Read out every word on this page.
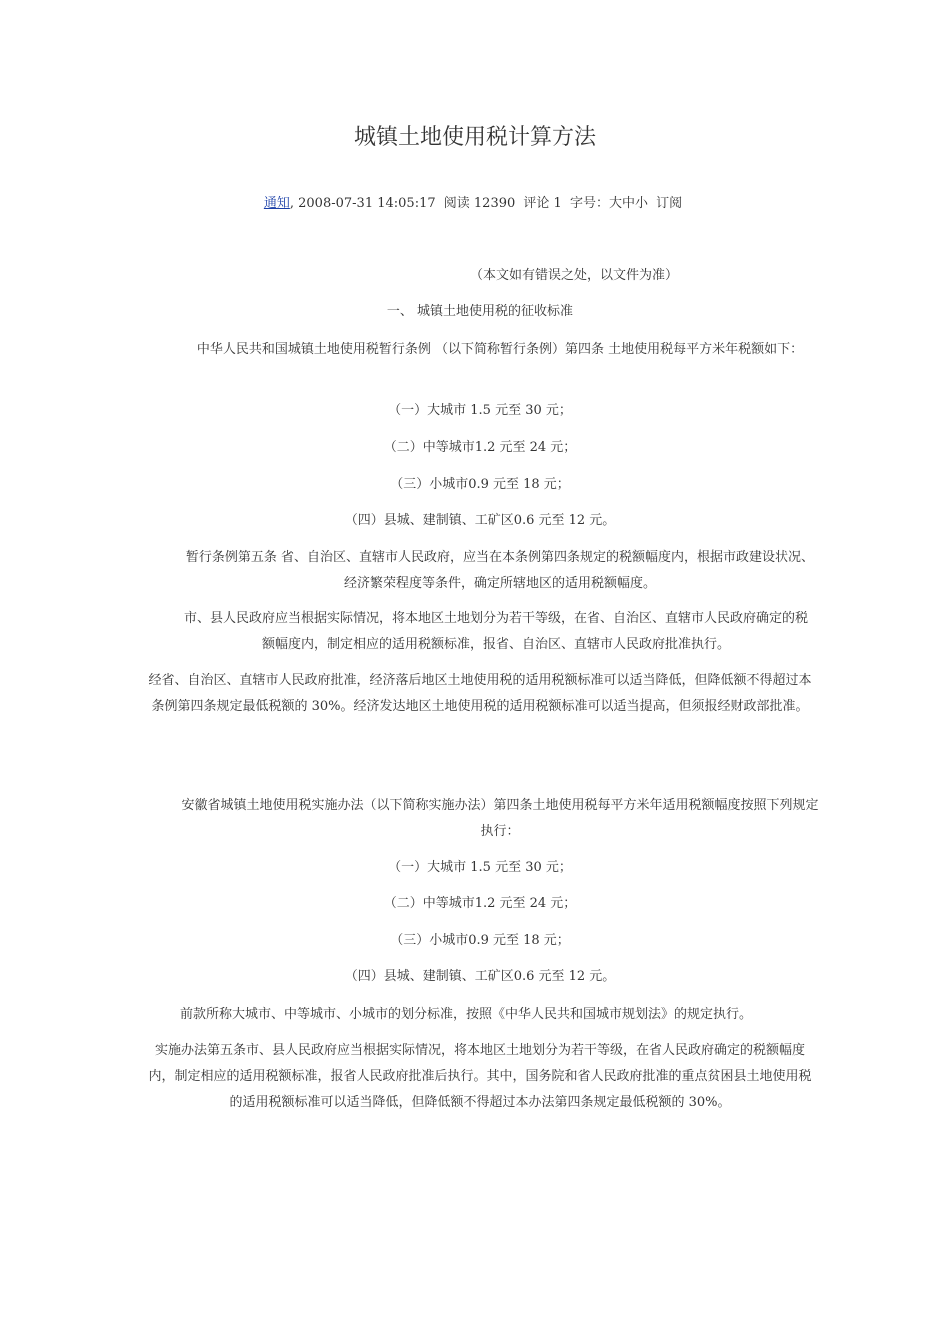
城镇土地使用税计算方法
通知, 2008-07-31 14:05:17 阅读 12390 评论 1 字号：大中小 订阅
（本文如有错误之处，以文件为准）
一、 城镇土地使用税的征收标准
中华人民共和国城镇土地使用税暂行条例 （以下简称暂行条例）第四条 土地使用税每平方米年税额如下：
（一）大城市 1.5 元至 30 元；
（二）中等城市1.2 元至 24 元；
（三）小城市0.9 元至 18 元；
（四）县城、建制镇、工矿区0.6 元至 12 元。
暂行条例第五条 省、自治区、直辖市人民政府，应当在本条例第四条规定的税额幅度内，根据市政建设状况、经济繁荣程度等条件，确定所辖地区的适用税额幅度。
市、县人民政府应当根据实际情况，将本地区土地划分为若干等级，在省、自治区、直辖市人民政府确定的税额幅度内，制定相应的适用税额标准，报省、自治区、直辖市人民政府批准执行。
经省、自治区、直辖市人民政府批准，经济落后地区土地使用税的适用税额标准可以适当降低，但降低额不得超过本条例第四条规定最低税额的 30%。经济发达地区土地使用税的适用税额标准可以适当提高，但须报经财政部批准。
安徽省城镇土地使用税实施办法（以下简称实施办法）第四条土地使用税每平方米年适用税额幅度按照下列规定执行：
（一）大城市 1.5 元至 30 元；
（二）中等城市1.2 元至 24 元；
（三）小城市0.9 元至 18 元；
（四）县城、建制镇、工矿区0.6 元至 12 元。
前款所称大城市、中等城市、小城市的划分标准，按照《中华人民共和国城市规划法》的规定执行。
实施办法第五条市、县人民政府应当根据实际情况，将本地区土地划分为若干等级，在省人民政府确定的税额幅度内，制定相应的适用税额标准，报省人民政府批准后执行。其中，国务院和省人民政府批准的重点贫困县土地使用税的适用税额标准可以适当降低，但降低额不得超过本办法第四条规定最低税额的 30%。
